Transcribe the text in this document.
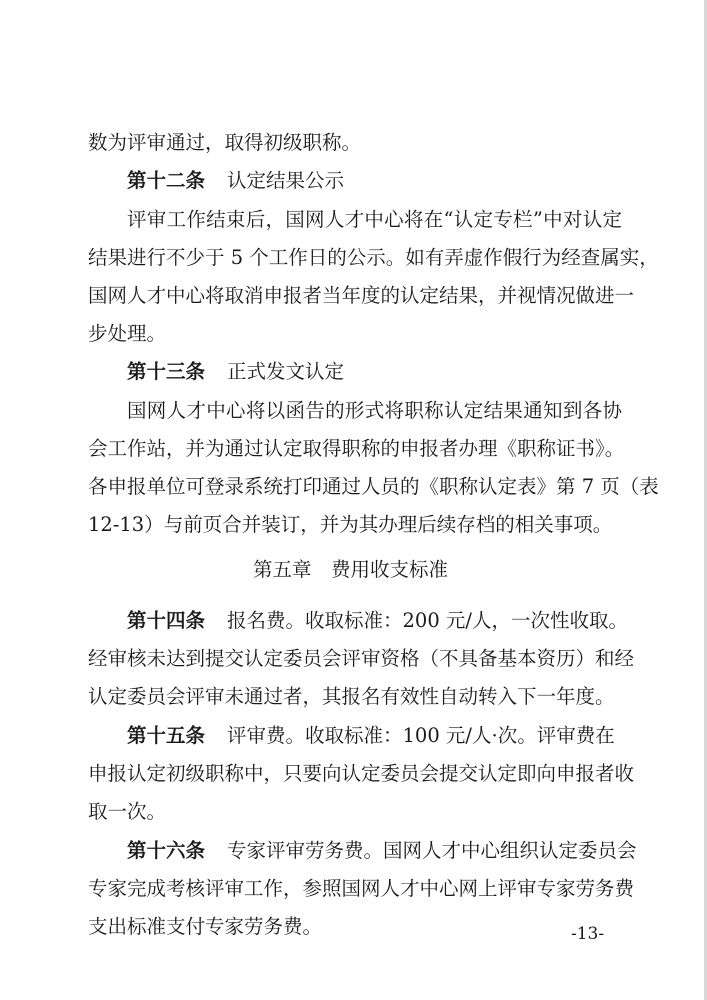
数为评审通过，取得初级职称。
第十二条 认定结果公示
评审工作结束后，国网人才中心将在“认定专栏”中对认定
结果进行不少于 5 个工作日的公示。如有弄虚作假行为经查属实，
国网人才中心将取消申报者当年度的认定结果，并视情况做进一
步处理。
第十三条 正式发文认定
国网人才中心将以函告的形式将职称认定结果通知到各协
会工作站，并为通过认定取得职称的申报者办理《职称证书》。
各申报单位可登录系统打印通过人员的《职称认定表》第 7 页（表
12-13）与前页合并装订，并为其办理后续存档的相关事项。
第五章　费用收支标准
第十四条 报名费。收取标准：200 元/人，一次性收取。
经审核未达到提交认定委员会评审资格（不具备基本资历）和经
认定委员会评审未通过者，其报名有效性自动转入下一年度。
第十五条 评审费。收取标准：100 元/人·次。评审费在
申报认定初级职称中，只要向认定委员会提交认定即向申报者收
取一次。
第十六条 专家评审劳务费。国网人才中心组织认定委员会
专家完成考核评审工作，参照国网人才中心网上评审专家劳务费
支出标准支付专家劳务费。	-13-
